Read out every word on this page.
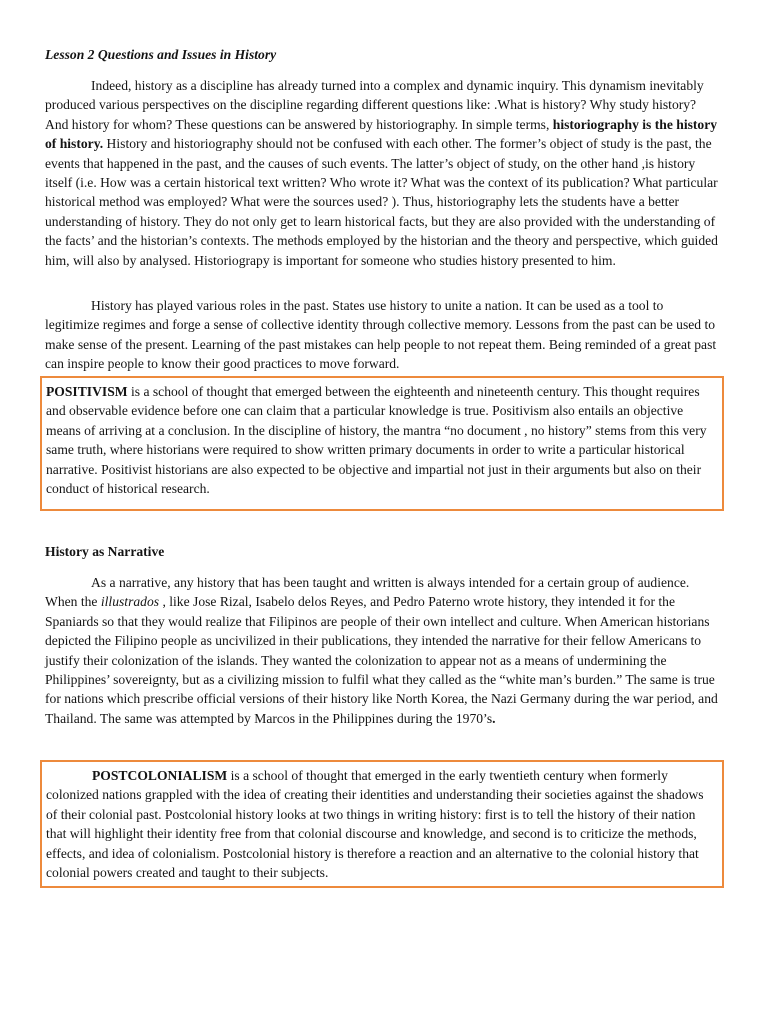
Lesson 2 Questions and Issues in History

Indeed, history as a discipline has already turned into a complex and dynamic inquiry. This dynamism inevitably produced various perspectives on the discipline regarding different questions like: .What is history? Why study history? And history for whom? These questions can be answered by historiography. In simple terms, historiography is the history of history. History and historiography should not be confused with each other. The former’s object of study is the past, the events that happened in the past, and the causes of such events. The latter’s object of study, on the other hand ,is history itself (i.e. How was a certain historical text written? Who wrote it? What was the context of its publication? What particular historical method was employed? What were the sources used? ). Thus, historiography lets the students have a better understanding of history. They do not only get to learn historical facts, but they are also provided with the understanding of the facts’ and the historian’s contexts. The methods employed by the historian and the theory and perspective, which guided him, will also by analysed. Historiograpy is important for someone who studies history presented to him.

History has played various roles in the past. States use history to unite a nation. It can be used as a tool to legitimize regimes and forge a sense of collective identity through collective memory. Lessons from the past can be used to make sense of the present. Learning of the past mistakes can help people to not repeat them. Being reminded of a great past can inspire people to know their good practices to move forward.

POSITIVISM is a school of thought that emerged between the eighteenth and nineteenth century. This thought requires and observable evidence before one can claim that a particular knowledge is true. Positivism also entails an objective means of arriving at a conclusion. In the discipline of history, the mantra “no document , no history” stems from this very same truth, where historians were required to show written primary documents in order to write a particular historical narrative. Positivist historians are also expected to be objective and impartial not just in their arguments but also on their conduct of historical research.

History as Narrative

As a narrative, any history that has been taught and written is always intended for a certain group of audience. When the illustrados , like Jose Rizal, Isabelo delos Reyes, and Pedro Paterno wrote history, they intended it for the Spaniards so that they would realize that Filipinos are people of their own intellect and culture. When American historians depicted the Filipino people as uncivilized in their publications, they intended the narrative for their fellow Americans to justify their colonization of the islands. They wanted the colonization to appear not as a means of undermining the Philippines’ sovereignty, but as a civilizing mission to fulfil what they called as the “white man’s burden.” The same is true for nations which prescribe official versions of their history like North Korea, the Nazi Germany during the war period, and Thailand. The same was attempted by Marcos in the Philippines during the 1970’s.

POSTCOLONIALISM is a school of thought that emerged in the early twentieth century when formerly colonized nations grappled with the idea of creating their identities and understanding their societies against the shadows of their colonial past. Postcolonial history looks at two things in writing history: first is to tell the history of their nation that will highlight their identity free from that colonial discourse and knowledge, and second is to criticize the methods, effects, and idea of colonialism. Postcolonial history is therefore a reaction and an alternative to the colonial history that colonial powers created and taught to their subjects.
